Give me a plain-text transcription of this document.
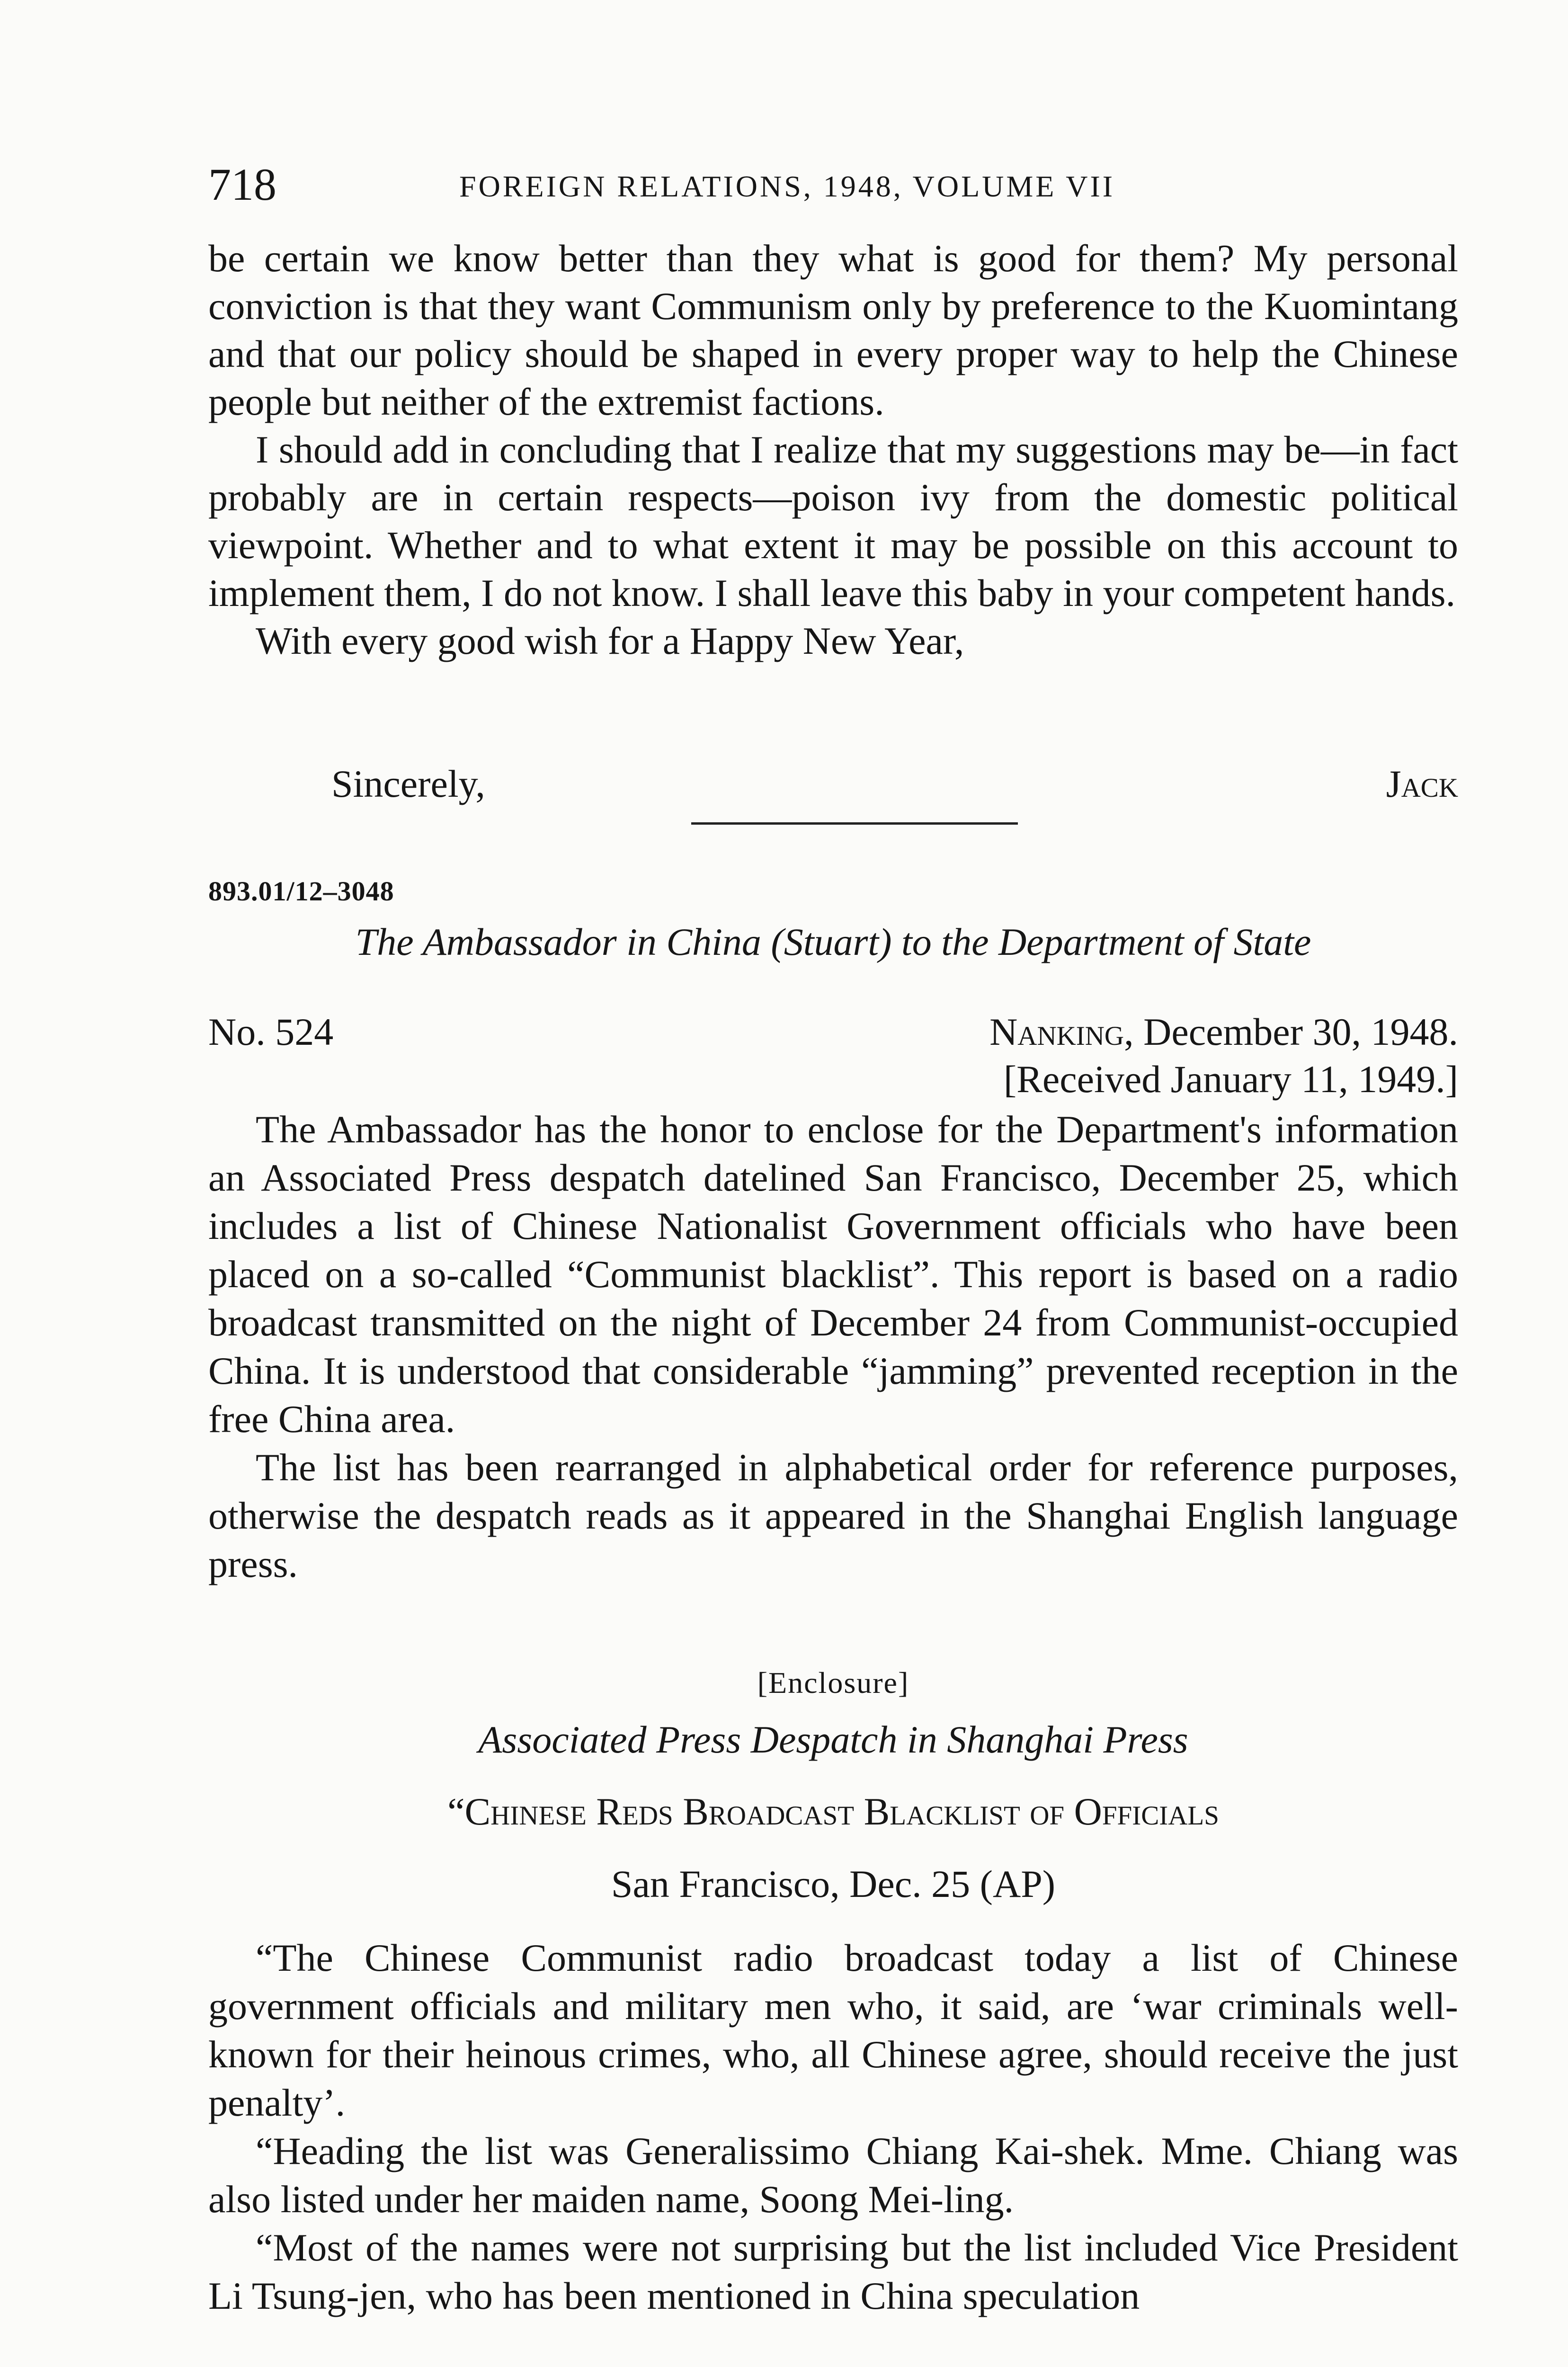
718	FOREIGN RELATIONS, 1948, VOLUME VII

be certain we know better than they what is good for them? My personal conviction is that they want Communism only by preference to the Kuomintang and that our policy should be shaped in every proper way to help the Chinese people but neither of the extremist factions.

I should add in concluding that I realize that my suggestions may be—in fact probably are in certain respects—poison ivy from the domestic political viewpoint. Whether and to what extent it may be possible on this account to implement them, I do not know. I shall leave this baby in your competent hands.

With every good wish for a Happy New Year,

Sincerely,	Jack
893.01/12–3048
The Ambassador in China (Stuart) to the Department of State
No. 524	Nanking, December 30, 1948.
[Received January 11, 1949.]

The Ambassador has the honor to enclose for the Department's information an Associated Press despatch datelined San Francisco, December 25, which includes a list of Chinese Nationalist Government officials who have been placed on a so-called “Communist blacklist”. This report is based on a radio broadcast transmitted on the night of December 24 from Communist-occupied China. It is understood that considerable “jamming” prevented reception in the free China area.

The list has been rearranged in alphabetical order for reference purposes, otherwise the despatch reads as it appeared in the Shanghai English language press.

[Enclosure]
Associated Press Despatch in Shanghai Press
“Chinese Reds Broadcast Blacklist of Officials
San Francisco, Dec. 25 (AP)

“The Chinese Communist radio broadcast today a list of Chinese government officials and military men who, it said, are ‘war criminals well-known for their heinous crimes, who, all Chinese agree, should receive the just penalty’.

“Heading the list was Generalissimo Chiang Kai-shek. Mme. Chiang was also listed under her maiden name, Soong Mei-ling.

“Most of the names were not surprising but the list included Vice President Li Tsung-jen, who has been mentioned in China speculation
